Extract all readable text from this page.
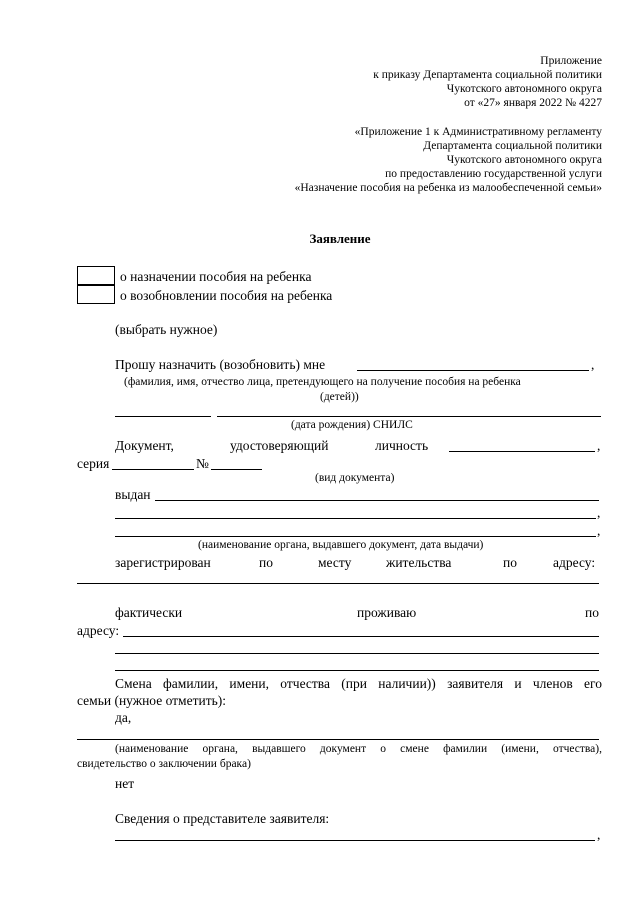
Приложение
к приказу Департамента социальной политики
Чукотского автономного округа
от «27» января 2022 № 4227
«Приложение 1 к Административному регламенту
Департамента социальной политики
Чукотского автономного округа
по предоставлению государственной услуги
«Назначение пособия на ребенка из малообеспеченной семьи»
Заявление
о назначении пособия на ребенка
о возобновлении пособия на ребенка
(выбрать нужное)
Прошу назначить (возобновить) мне	,
(фамилия, имя, отчество лица, претендующего на получение пособия на ребенка
(детей))
(дата рождения) СНИЛС
Документ,	удостоверяющий	личность	,
серия	№
(вид документа)
выдан
,
,
(наименование органа, выдавшего документ, дата выдачи)
зарегистрирован	по	месту	жительства	по	адресу:
фактически	проживаю	по
адресу:
Смена фамилии, имени, отчества (при наличии)) заявителя и членов его
семьи (нужное отметить):
да,
(наименование органа, выдавшего документ о смене фамилии (имени, отчества),
свидетельство о заключении брака)
нет
Сведения о представителе заявителя:
,
